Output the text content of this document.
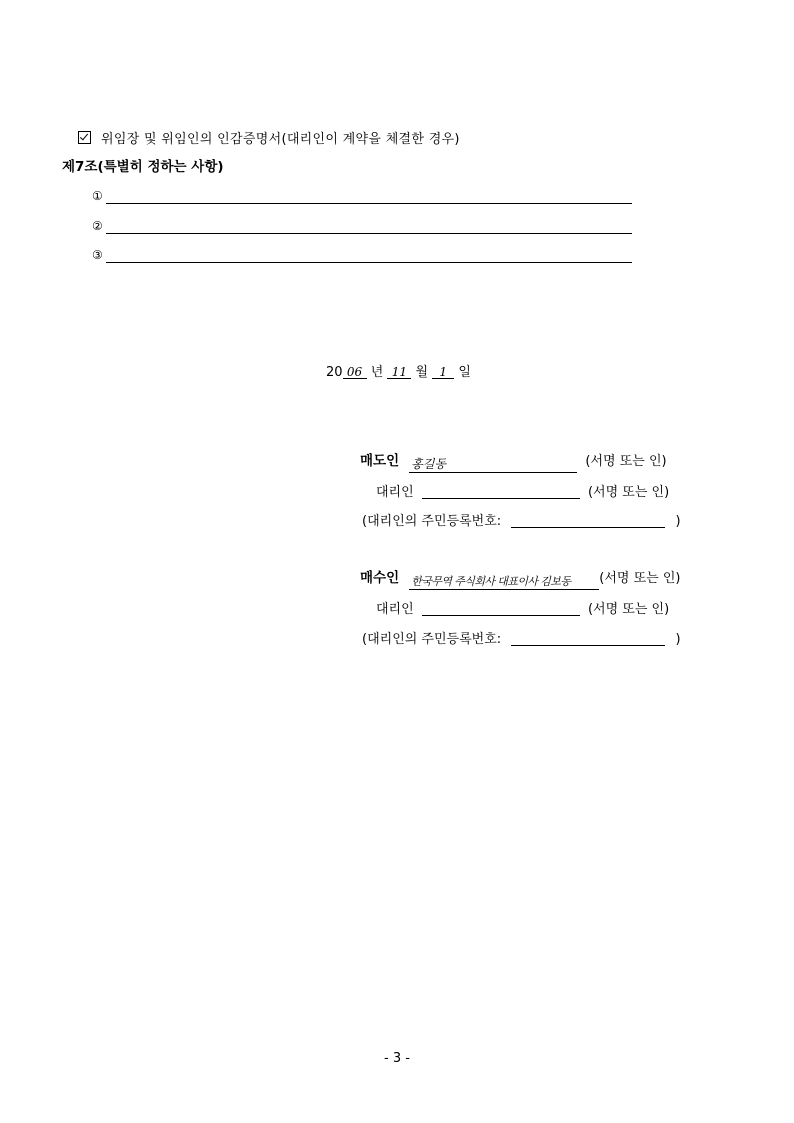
위임장 및 위임인의 인감증명서(대리인이 계약을 체결한 경우)
제7조(특별히 정하는 사항)
①
②
③
20 06 년 11 월 1 일
매도인 홍길동	(서명 또는 인)
대리인	(서명 또는 인)
(대리인의 주민등록번호:	)
매수인 한국무역 주식회사 대표이사 김보동 (서명 또는 인)
대리인	(서명 또는 인)
(대리인의 주민등록번호:	)
- 3 -
